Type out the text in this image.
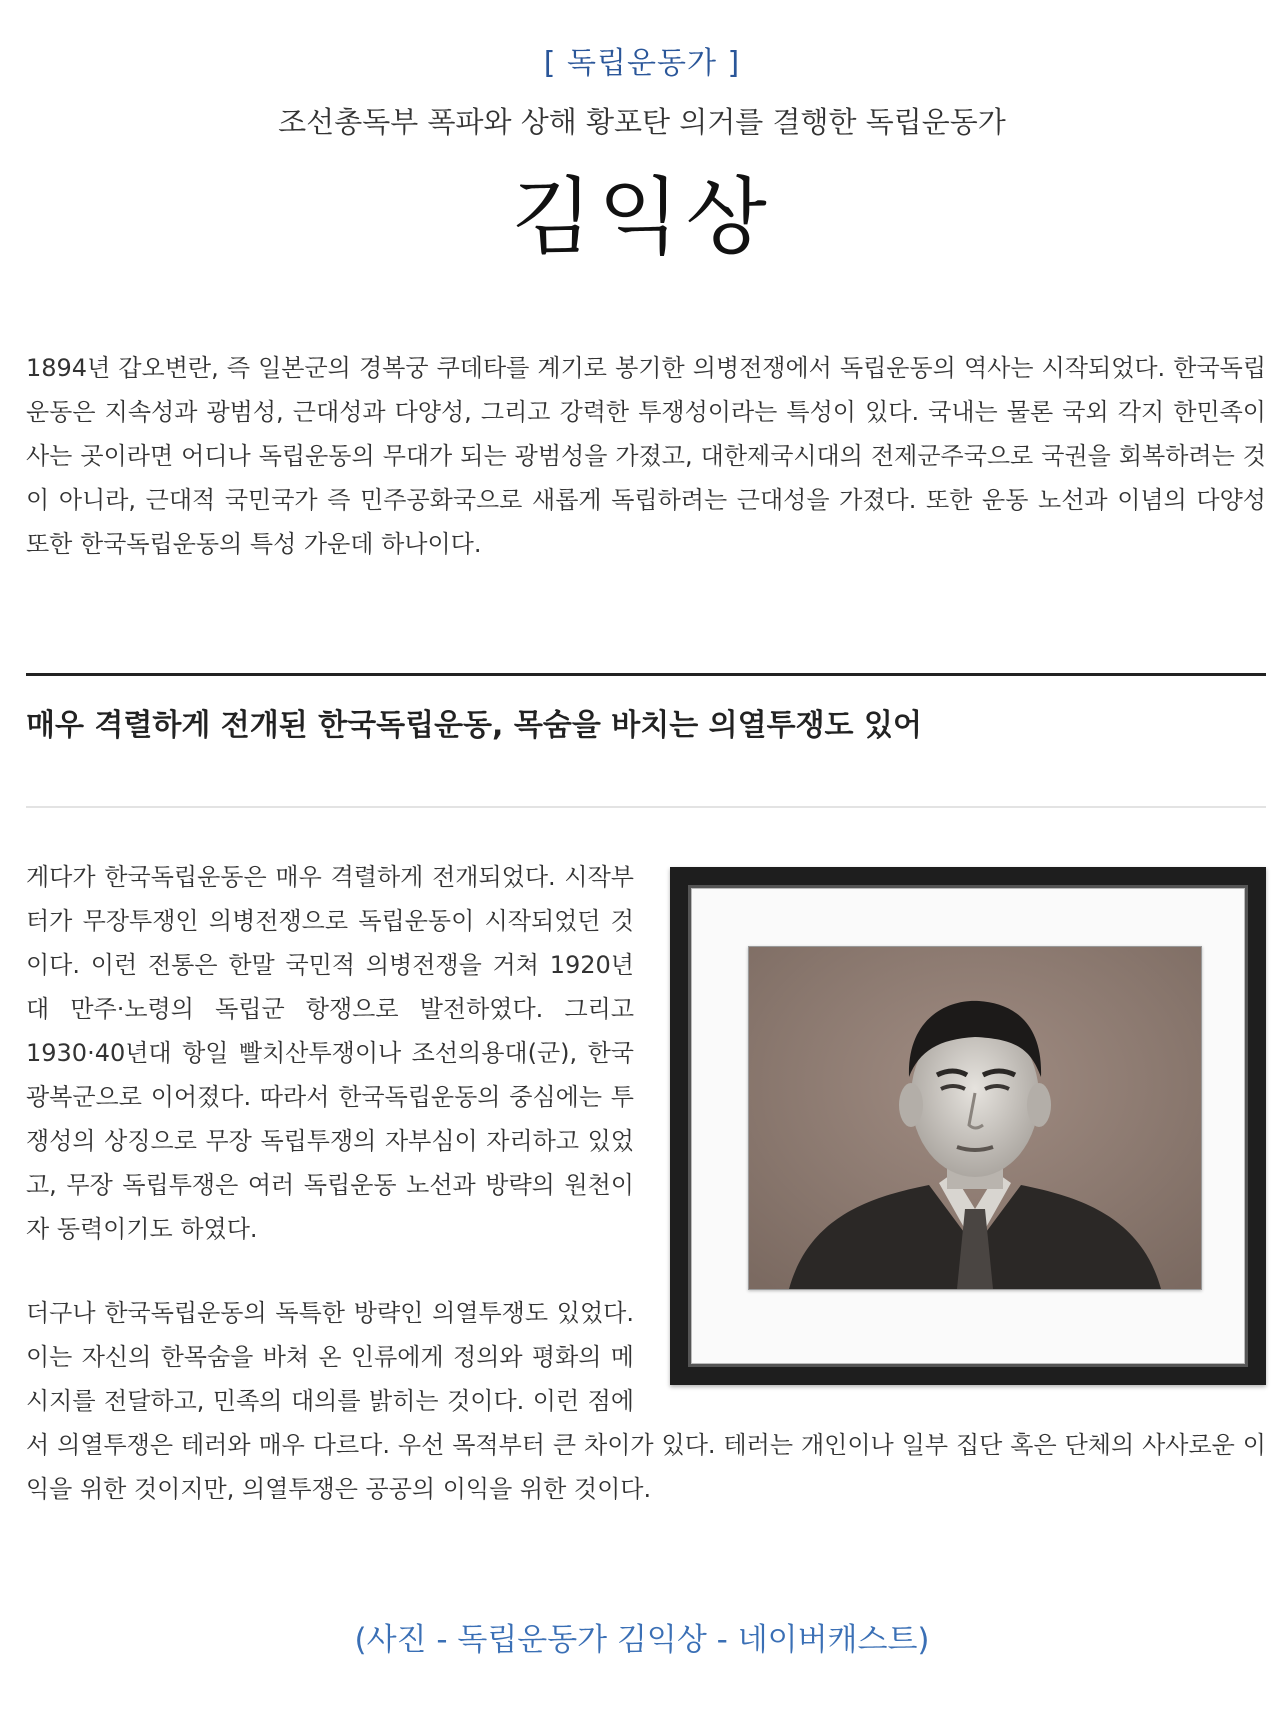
[ 독립운동가 ]
조선총독부 폭파와 상해 황포탄 의거를 결행한 독립운동가
김익상

1894년 갑오변란, 즉 일본군의 경복궁 쿠데타를 계기로 봉기한 의병전쟁에서 독립운동의 역사는 시작되었다. 한국독립운동은 지속성과 광범성, 근대성과 다양성, 그리고 강력한 투쟁성이라는 특성이 있다. 국내는 물론 국외 각지 한민족이 사는 곳이라면 어디나 독립운동의 무대가 되는 광범성을 가졌고, 대한제국시대의 전제군주국으로 국권을 회복하려는 것이 아니라, 근대적 국민국가 즉 민주공화국으로 새롭게 독립하려는 근대성을 가졌다. 또한 운동 노선과 이념의 다양성 또한 한국독립운동의 특성 가운데 하나이다.

매우 격렬하게 전개된 한국독립운동, 목숨을 바치는 의열투쟁도 있어

게다가 한국독립운동은 매우 격렬하게 전개되었다. 시작부터가 무장투쟁인 의병전쟁으로 독립운동이 시작되었던 것이다. 이런 전통은 한말 국민적 의병전쟁을 거쳐 1920년대 만주·노령의 독립군 항쟁으로 발전하였다. 그리고 1930·40년대 항일 빨치산투쟁이나 조선의용대(군), 한국광복군으로 이어졌다. 따라서 한국독립운동의 중심에는 투쟁성의 상징으로 무장 독립투쟁의 자부심이 자리하고 있었고, 무장 독립투쟁은 여러 독립운동 노선과 방략의 원천이자 동력이기도 하였다.

더구나 한국독립운동의 독특한 방략인 의열투쟁도 있었다. 이는 자신의 한목숨을 바쳐 온 인류에게 정의와 평화의 메시지를 전달하고, 민족의 대의를 밝히는 것이다. 이런 점에서 의열투쟁은 테러와 매우 다르다. 우선 목적부터 큰 차이가 있다. 테러는 개인이나 일부 집단 혹은 단체의 사사로운 이익을 위한 것이지만, 의열투쟁은 공공의 이익을 위한 것이다.

(사진 - 독립운동가 김익상 - 네이버캐스트)
